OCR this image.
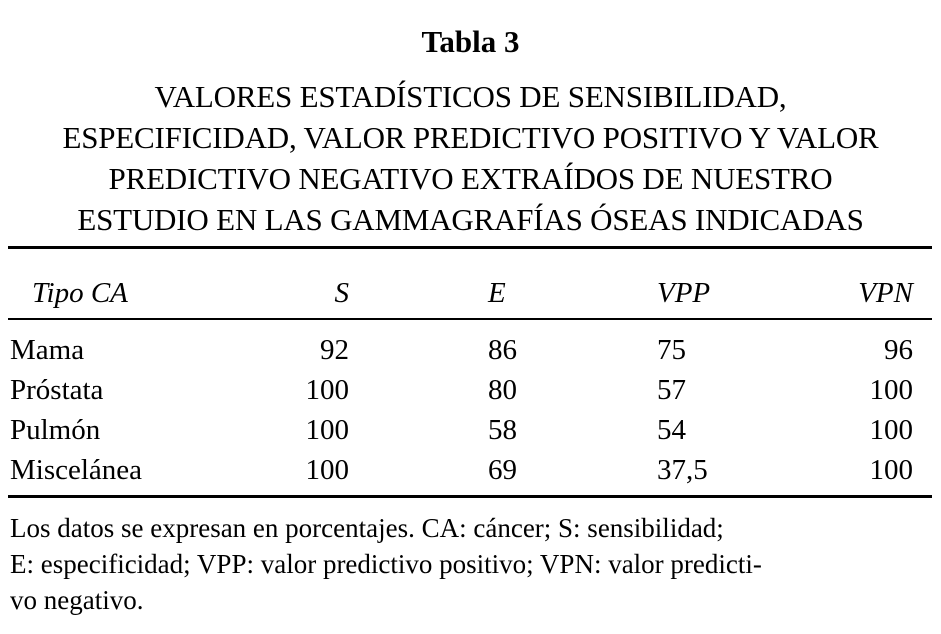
Tabla 3
VALORES ESTADÍSTICOS DE SENSIBILIDAD,
ESPECIFICIDAD, VALOR PREDICTIVO POSITIVO Y VALOR
PREDICTIVO NEGATIVO EXTRAÍDOS DE NUESTRO
ESTUDIO EN LAS GAMMAGRAFÍAS ÓSEAS INDICADAS
Tipo CA	S	E	VPP	VPN
Mama	92	86	75	96
Próstata	100	80	57	100
Pulmón	100	58	54	100
Miscelánea	100	69	37,5	100
Los datos se expresan en porcentajes. CA: cáncer; S: sensibilidad;
E: especificidad; VPP: valor predictivo positivo; VPN: valor predicti-
vo negativo.
